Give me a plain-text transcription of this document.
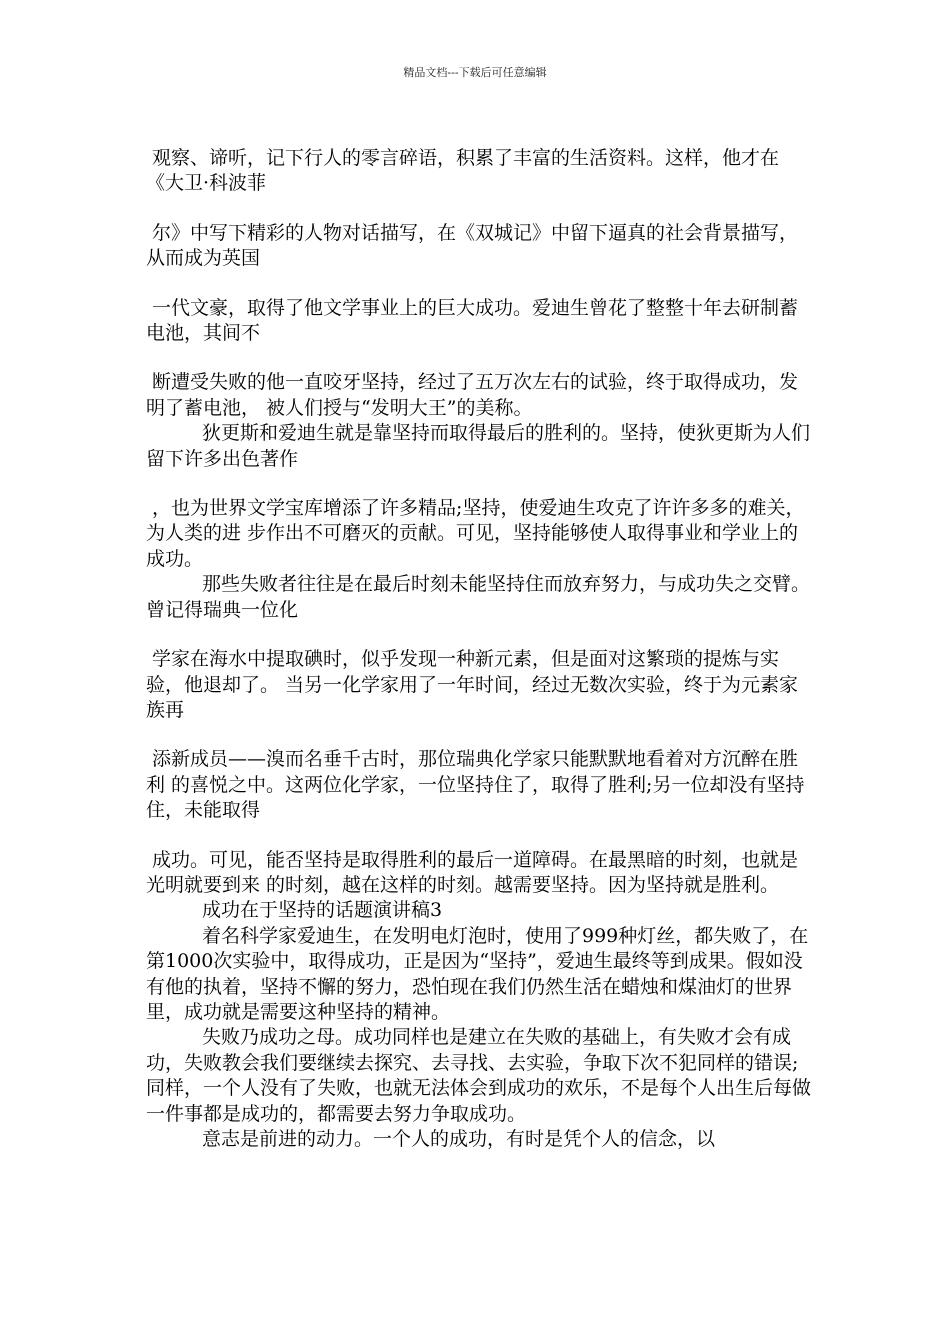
精品文档---下载后可任意编辑

观察、谛听，记下行人的零言碎语，积累了丰富的生活资料。这样，他才在《大卫·科波菲

尔》中写下精彩的人物对话描写，在《双城记》中留下逼真的社会背景描写，从而成为英国

一代文豪，取得了他文学事业上的巨大成功。爱迪生曾花了整整十年去研制蓄电池，其间不

断遭受失败的他一直咬牙坚持，经过了五万次左右的试验，终于取得成功，发明了蓄电池， 被人们授与“发明大王”的美称。

狄更斯和爱迪生就是靠坚持而取得最后的胜利的。坚持，使狄更斯为人们留下许多出色著作

，也为世界文学宝库增添了许多精品;坚持，使爱迪生攻克了许许多多的难关，为人类的进 步作出不可磨灭的贡献。可见，坚持能够使人取得事业和学业上的成功。

那些失败者往往是在最后时刻未能坚持住而放弃努力，与成功失之交臂。曾记得瑞典一位化

学家在海水中提取碘时，似乎发现一种新元素，但是面对这繁琐的提炼与实验，他退却了。 当另一化学家用了一年时间，经过无数次实验，终于为元素家族再

添新成员——溴而名垂千古时，那位瑞典化学家只能默默地看着对方沉醉在胜利 的喜悦之中。这两位化学家，一位坚持住了，取得了胜利;另一位却没有坚持住，未能取得

成功。可见，能否坚持是取得胜利的最后一道障碍。在最黑暗的时刻，也就是光明就要到来 的时刻，越在这样的时刻。越需要坚持。因为坚持就是胜利。

成功在于坚持的话题演讲稿3

着名科学家爱迪生，在发明电灯泡时，使用了999种灯丝，都失败了，在第1000次实验中，取得成功，正是因为“坚持”，爱迪生最终等到成果。假如没有他的执着，坚持不懈的努力，恐怕现在我们仍然生活在蜡烛和煤油灯的世界里，成功就是需要这种坚持的精神。

失败乃成功之母。成功同样也是建立在失败的基础上，有失败才会有成功，失败教会我们要继续去探究、去寻找、去实验，争取下次不犯同样的错误;同样，一个人没有了失败，也就无法体会到成功的欢乐，不是每个人出生后每做一件事都是成功的，都需要去努力争取成功。

意志是前进的动力。一个人的成功，有时是凭个人的信念，以
